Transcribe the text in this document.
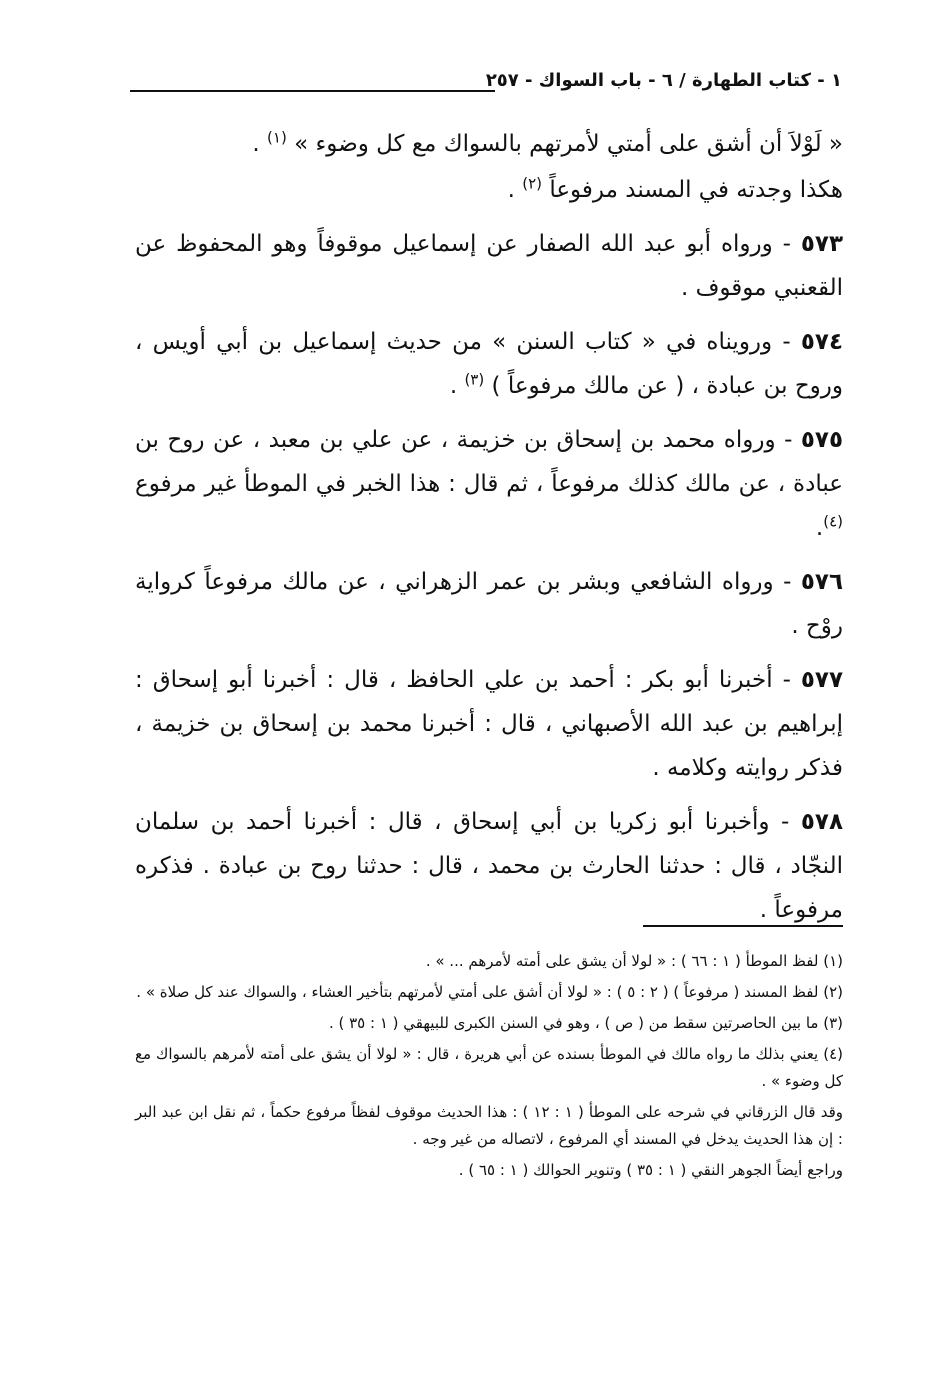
١ - كتاب الطهارة / ٦ - باب السواك - ٢٥٧

« لَوْلاَ أن أشق على أمتي لأمرتهم بالسواك مع كل وضوء » $^{(١)}$ .

هكذا وجدته في المسند مرفوعاً $^{(٢)}$ .

٥٧٣ - ورواه أبو عبد الله الصفار عن إسماعيل موقوفاً وهو المحفوظ عن القعنبي موقوف .

٥٧٤ - ورويناه في « كتاب السنن » من حديث إسماعيل بن أبي أويس ، وروح بن عبادة ، ( عن مالك مرفوعاً ) $^{(٣)}$ .

٥٧٥ - ورواه محمد بن إسحاق بن خزيمة ، عن علي بن معبد ، عن روح بن عبادة ، عن مالك كذلك مرفوعاً ، ثم قال : هذا الخبر في الموطأ غير مرفوع $^{(٤)}$.

٥٧٦ - ورواه الشافعي وبشر بن عمر الزهراني ، عن مالك مرفوعاً كرواية روْح .

٥٧٧ - أخبرنا أبو بكر : أحمد بن علي الحافظ ، قال : أخبرنا أبو إسحاق : إبراهيم بن عبد الله الأصبهاني ، قال : أخبرنا محمد بن إسحاق بن خزيمة ، فذكر روايته وكلامه .

٥٧٨ - وأخبرنا أبو زكريا بن أبي إسحاق ، قال : أخبرنا أحمد بن سلمان النجّاد ، قال : حدثنا الحارث بن محمد ، قال : حدثنا روح بن عبادة . فذكره مرفوعاً .

(١) لفظ الموطأ ( ١ : ٦٦ ) : « لولا أن يشق على أمته لأمرهم ... » .

(٢) لفظ المسند ( مرفوعاً ) ( ٢ : ٥ ) : « لولا أن أشق على أمتي لأمرتهم بتأخير العشاء ، والسواك عند كل صلاة » .

(٣) ما بين الحاصرتين سقط من ( ص ) ، وهو في السنن الكبرى للبيهقي ( ١ : ٣٥ ) .

(٤) يعني بذلك ما رواه مالك في الموطأ بسنده عن أبي هريرة ، قال : « لولا أن يشق على أمته لأمرهم بالسواك مع كل وضوء » .

وقد قال الزرقاني في شرحه على الموطأ ( ١ : ١٢ ) : هذا الحديث موقوف لفظاً مرفوع حكماً ، ثم نقل ابن عبد البر : إن هذا الحديث يدخل في المسند أي المرفوع ، لاتصاله من غير وجه .

وراجع أيضاً الجوهر النقي ( ١ : ٣٥ ) وتنوير الحوالك ( ١ : ٦٥ ) .
